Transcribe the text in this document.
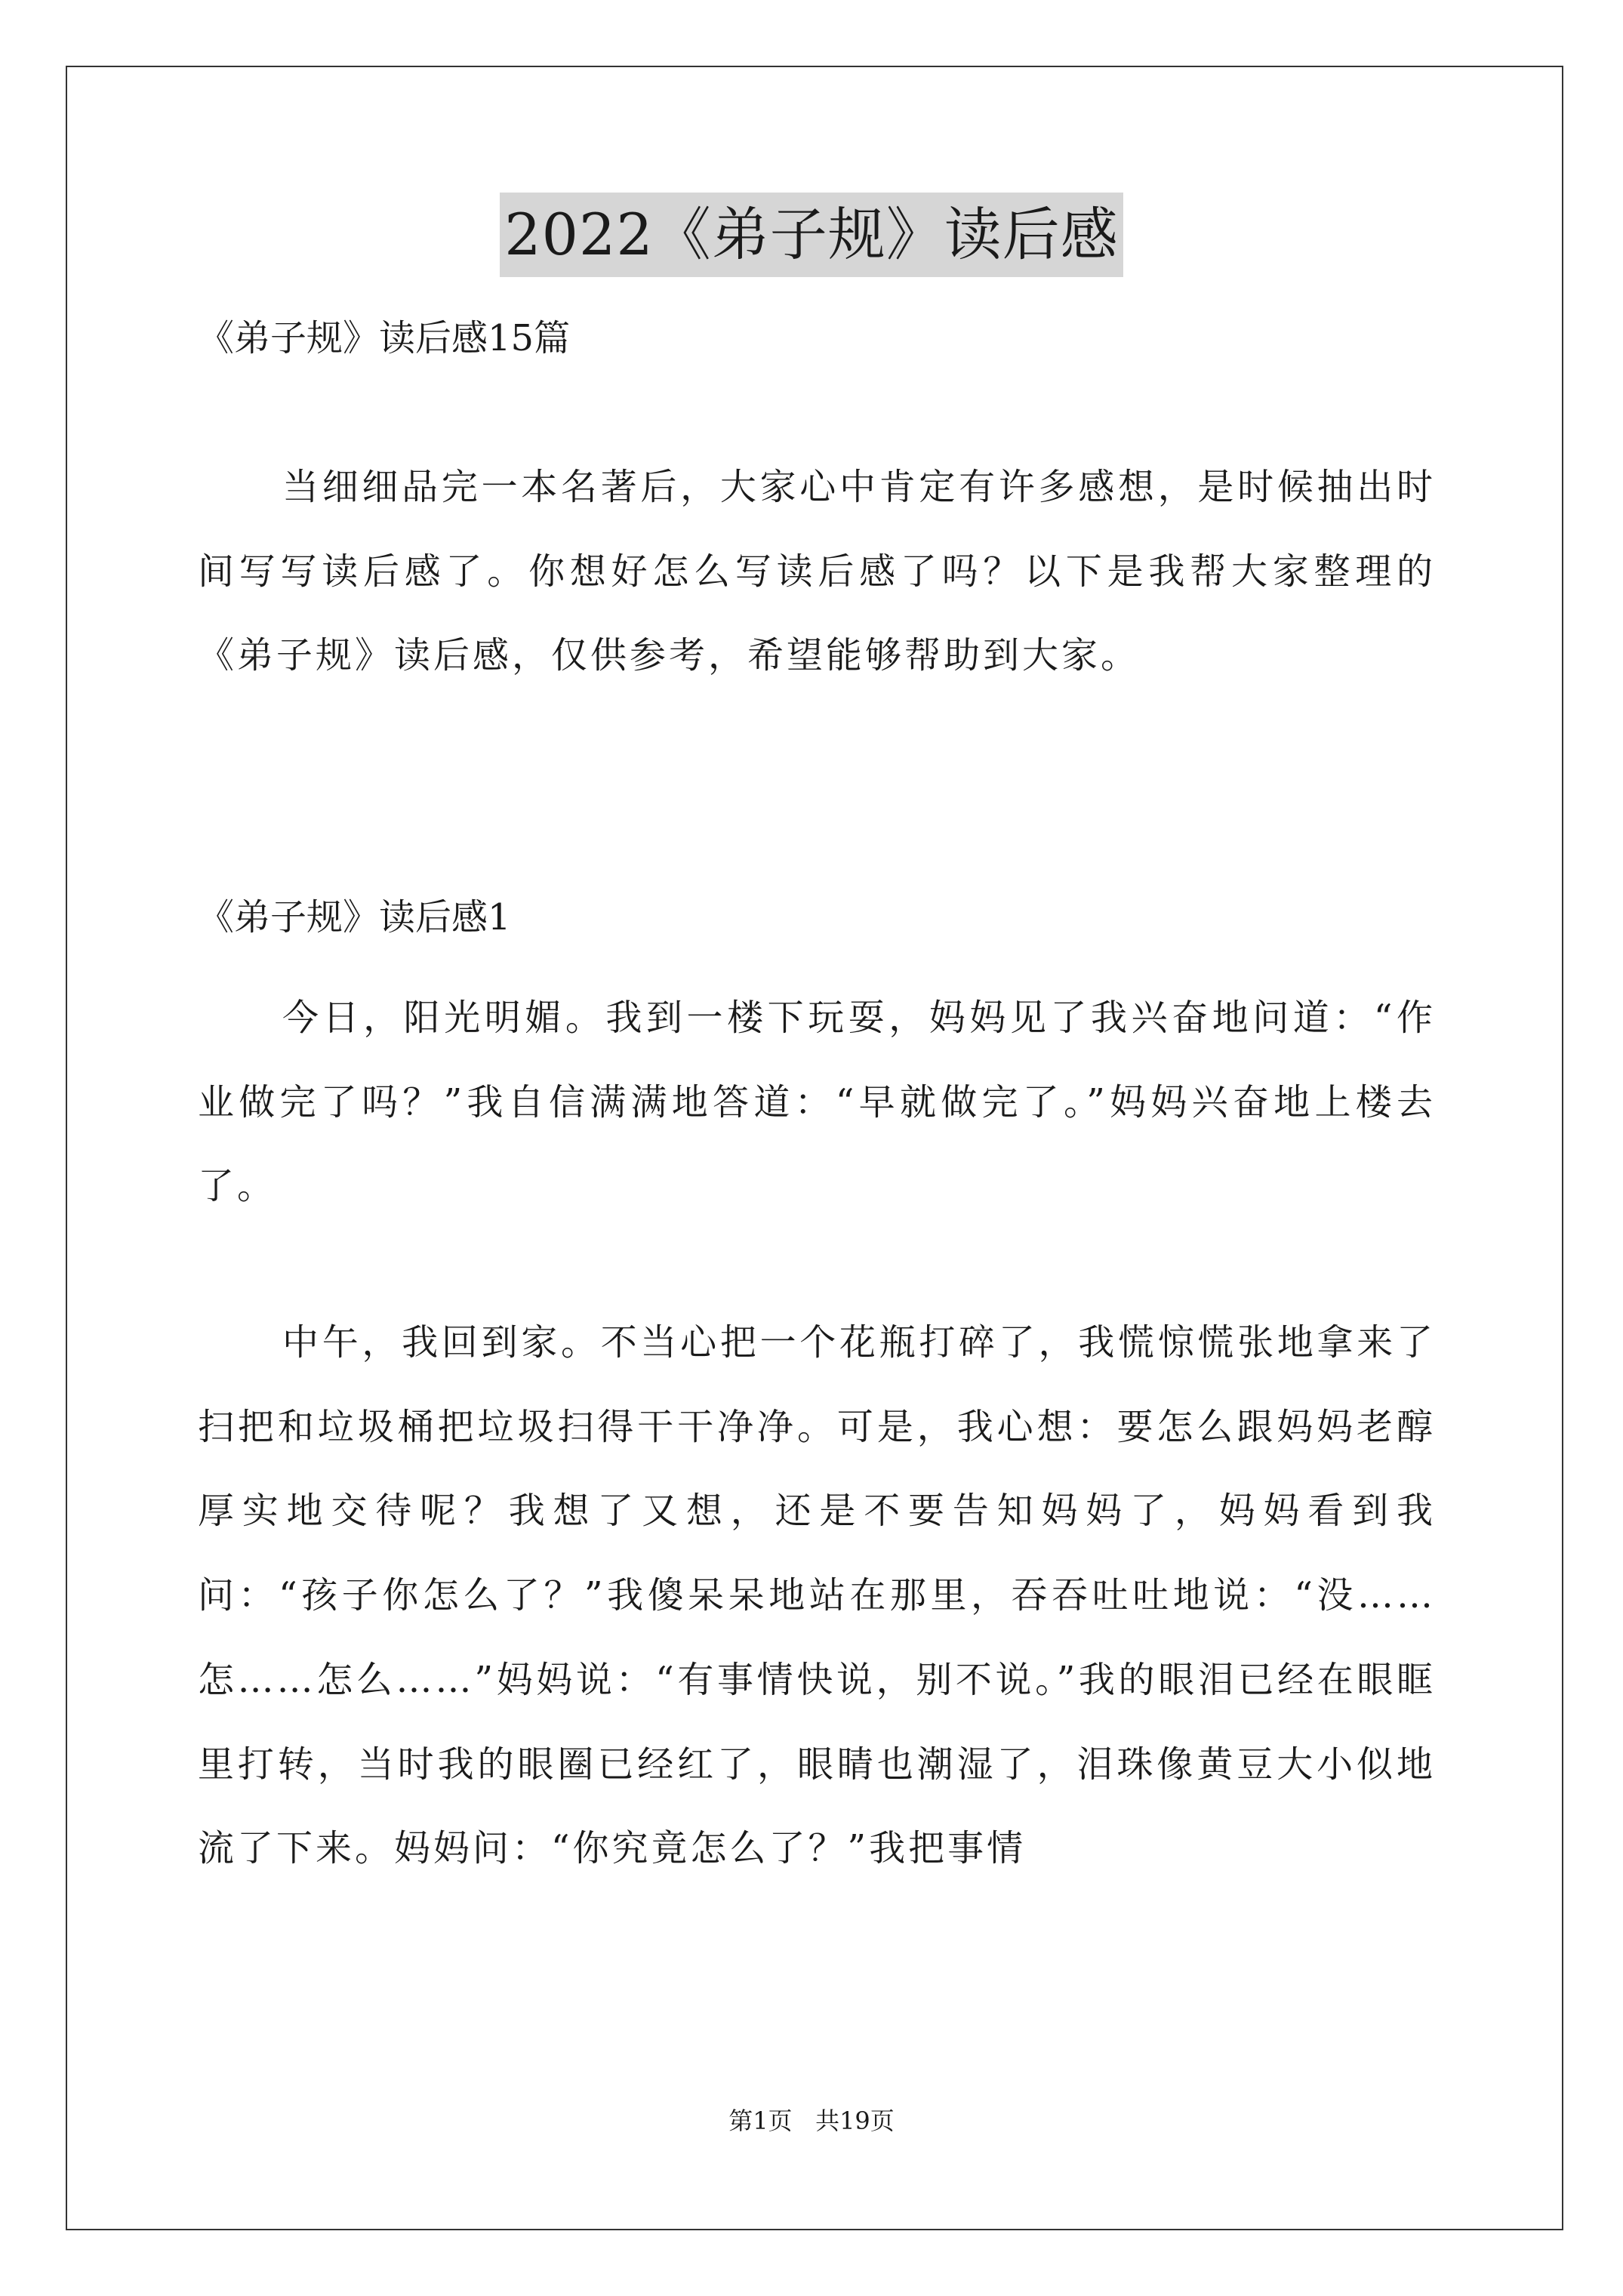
2022《弟子规》读后感
《弟子规》读后感15篇

当细细品完一本名著后，大家心中肯定有许多感想，是时候抽出时间写写读后感了。你想好怎么写读后感了吗？以下是我帮大家整理的《弟子规》读后感，仅供参考，希望能够帮助到大家。

《弟子规》读后感1

今日，阳光明媚。我到一楼下玩耍，妈妈见了我兴奋地问道：“作业做完了吗？”我自信满满地答道：“早就做完了。”妈妈兴奋地上楼去了。

中午，我回到家。不当心把一个花瓶打碎了，我慌惊慌张地拿来了扫把和垃圾桶把垃圾扫得干干净净。可是，我心想：要怎么跟妈妈老醇厚实地交待呢？我想了又想，还是不要告知妈妈了，妈妈看到我问：“孩子你怎么了？”我傻呆呆地站在那里，吞吞吐吐地说：“没……怎……怎么……”妈妈说：“有事情快说，别不说。”我的眼泪已经在眼眶里打转，当时我的眼圈已经红了，眼睛也潮湿了，泪珠像黄豆大小似地流了下来。妈妈问：“你究竟怎么了？”我把事情

第1页   共19页
